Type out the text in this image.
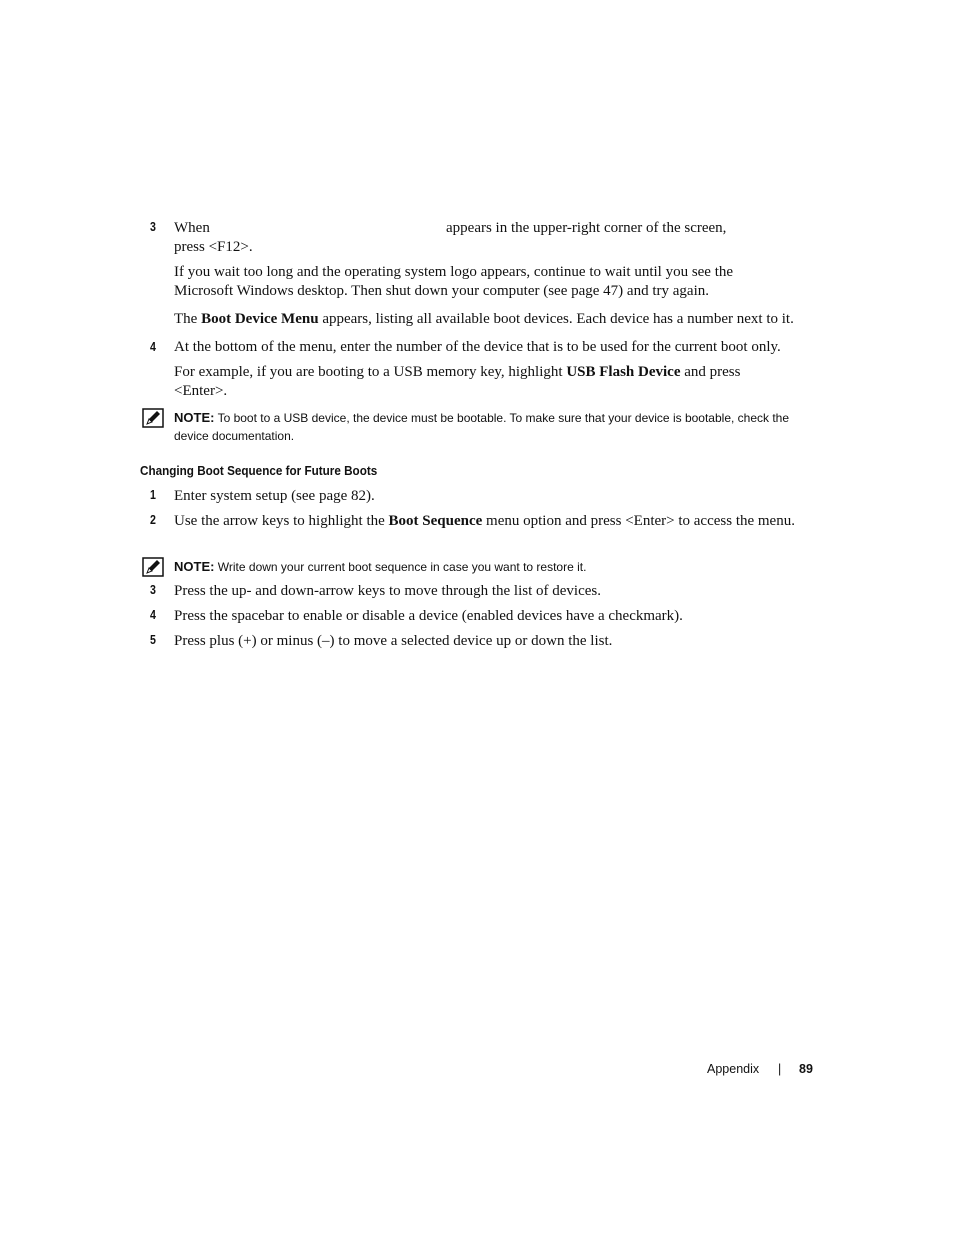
3 When	appears in the upper-right corner of the screen,
press <F12>.
If you wait too long and the operating system logo appears, continue to wait until you see the Microsoft Windows desktop. Then shut down your computer (see page 47) and try again.
The Boot Device Menu appears, listing all available boot devices. Each device has a number next to it.
4 At the bottom of the menu, enter the number of the device that is to be used for the current boot only.
For example, if you are booting to a USB memory key, highlight USB Flash Device and press <Enter>.
NOTE: To boot to a USB device, the device must be bootable. To make sure that your device is bootable, check the device documentation.
Changing Boot Sequence for Future Boots
1 Enter system setup (see page 82).
2 Use the arrow keys to highlight the Boot Sequence menu option and press <Enter> to access the menu.
NOTE: Write down your current boot sequence in case you want to restore it.
3 Press the up- and down-arrow keys to move through the list of devices.
4 Press the spacebar to enable or disable a device (enabled devices have a checkmark).
5 Press plus (+) or minus (–) to move a selected device up or down the list.
Appendix | 89
